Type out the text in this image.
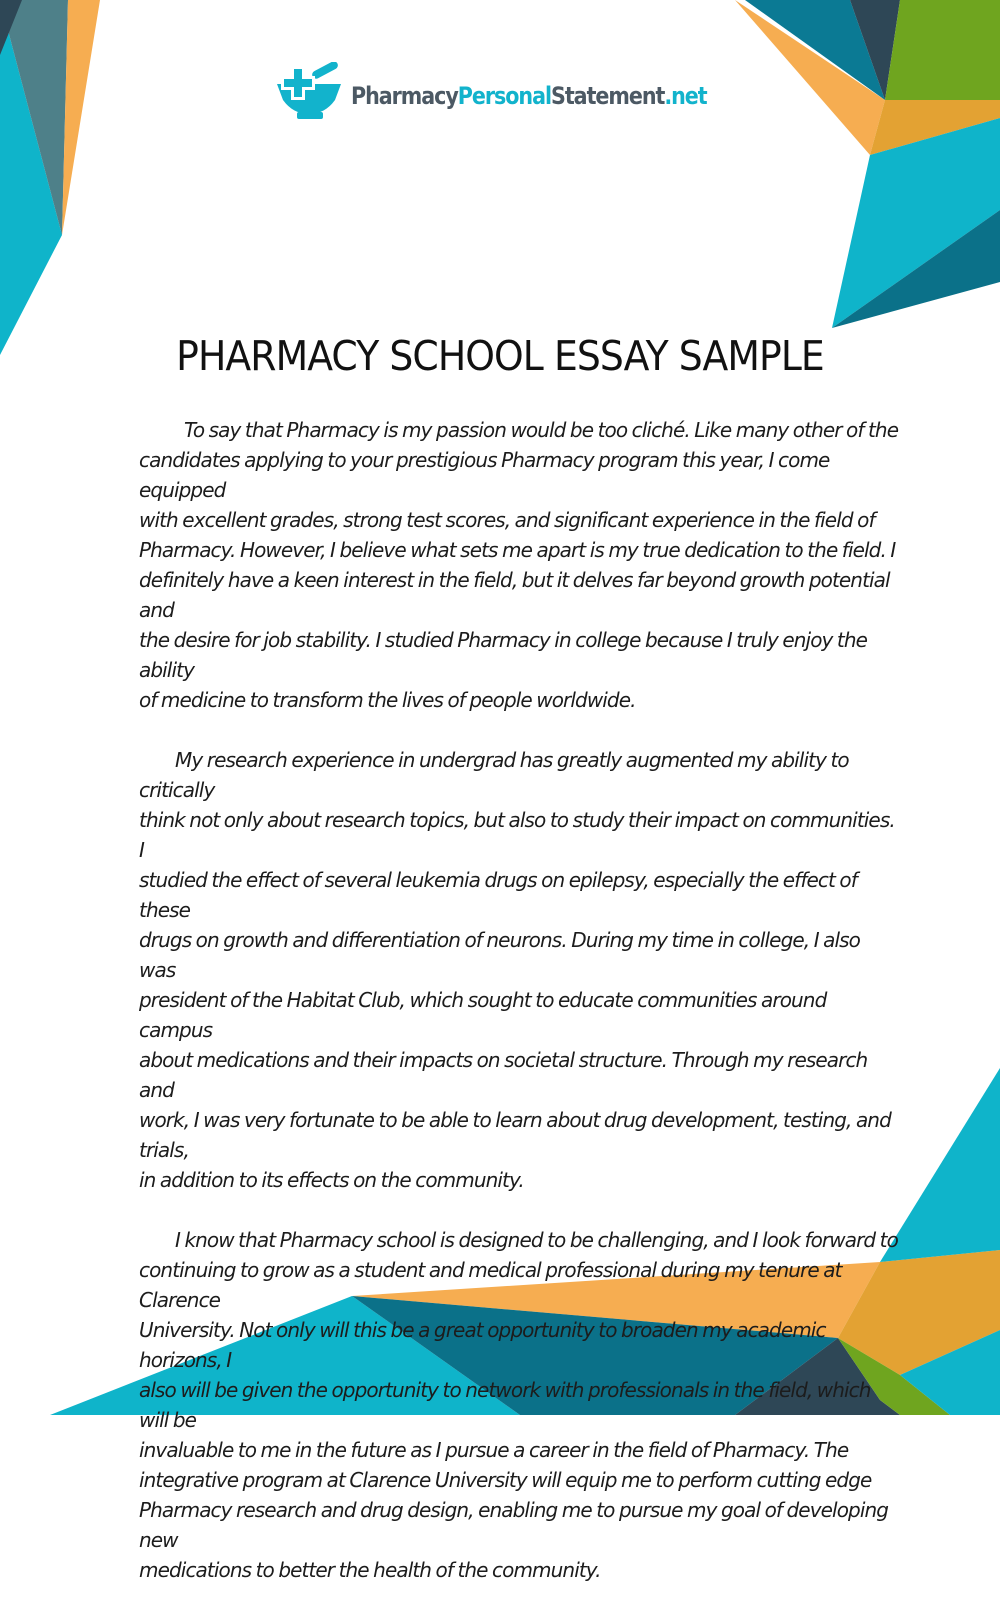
PharmacyPersonalStatement.net
PHARMACY SCHOOL ESSAY SAMPLE

To say that Pharmacy is my passion would be too cliché. Like many other of the
candidates applying to your prestigious Pharmacy program this year, I come equipped
with excellent grades, strong test scores, and significant experience in the field of
Pharmacy. However, I believe what sets me apart is my true dedication to the field. I
definitely have a keen interest in the field, but it delves far beyond growth potential and
the desire for job stability. I studied Pharmacy in college because I truly enjoy the ability
of medicine to transform the lives of people worldwide.

My research experience in undergrad has greatly augmented my ability to critically
think not only about research topics, but also to study their impact on communities. I
studied the effect of several leukemia drugs on epilepsy, especially the effect of these
drugs on growth and differentiation of neurons. During my time in college, I also was
president of the Habitat Club, which sought to educate communities around campus
about medications and their impacts on societal structure. Through my research and
work, I was very fortunate to be able to learn about drug development, testing, and trials,
in addition to its effects on the community.

I know that Pharmacy school is designed to be challenging, and I look forward to
continuing to grow as a student and medical professional during my tenure at Clarence
University. Not only will this be a great opportunity to broaden my academic horizons, I
also will be given the opportunity to network with professionals in the field, which will be
invaluable to me in the future as I pursue a career in the field of Pharmacy. The
integrative program at Clarence University will equip me to perform cutting edge
Pharmacy research and drug design, enabling me to pursue my goal of developing new
medications to better the health of the community.
